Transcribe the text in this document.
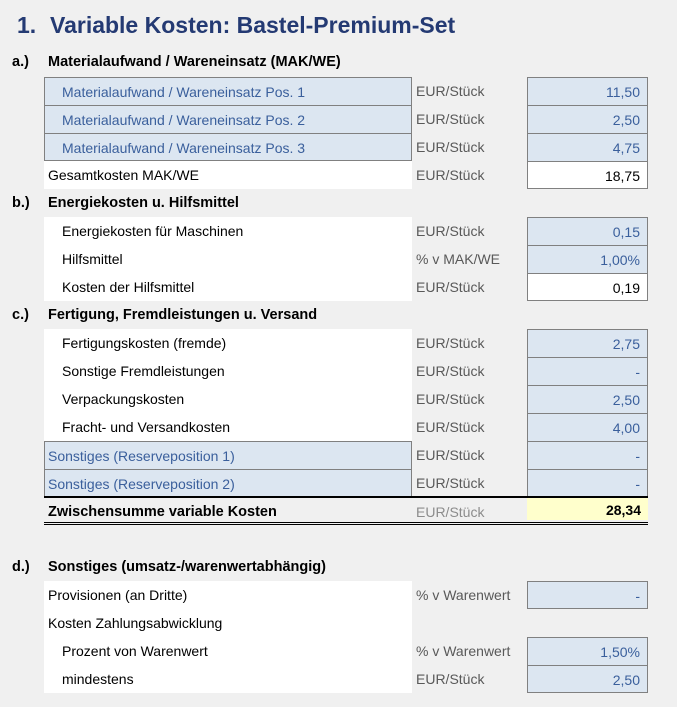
1. Variable Kosten: Bastel-Premium-Set
a.) Materialaufwand / Wareneinsatz (MAK/WE)
Materialaufwand / Wareneinsatz Pos. 1	EUR/Stück	11,50
Materialaufwand / Wareneinsatz Pos. 2	EUR/Stück	2,50
Materialaufwand / Wareneinsatz Pos. 3	EUR/Stück	4,75
Gesamtkosten MAK/WE	EUR/Stück	18,75
b.) Energiekosten u. Hilfsmittel
Energiekosten für Maschinen	EUR/Stück	0,15
Hilfsmittel	% v MAK/WE	1,00%
Kosten der Hilfsmittel	EUR/Stück	0,19
c.) Fertigung, Fremdleistungen u. Versand
Fertigungskosten (fremde)	EUR/Stück	2,75
Sonstige Fremdleistungen	EUR/Stück	-
Verpackungskosten	EUR/Stück	2,50
Fracht- und Versandkosten	EUR/Stück	4,00
Sonstiges (Reserveposition 1)	EUR/Stück	-
Sonstiges (Reserveposition 2)	EUR/Stück	-
Zwischensumme variable Kosten	EUR/Stück	28,34
d.) Sonstiges (umsatz-/warenwertabhängig)
Provisionen (an Dritte)	% v Warenwert	-
Kosten Zahlungsabwicklung
Prozent von Warenwert	% v Warenwert	1,50%
mindestens	EUR/Stück	2,50
